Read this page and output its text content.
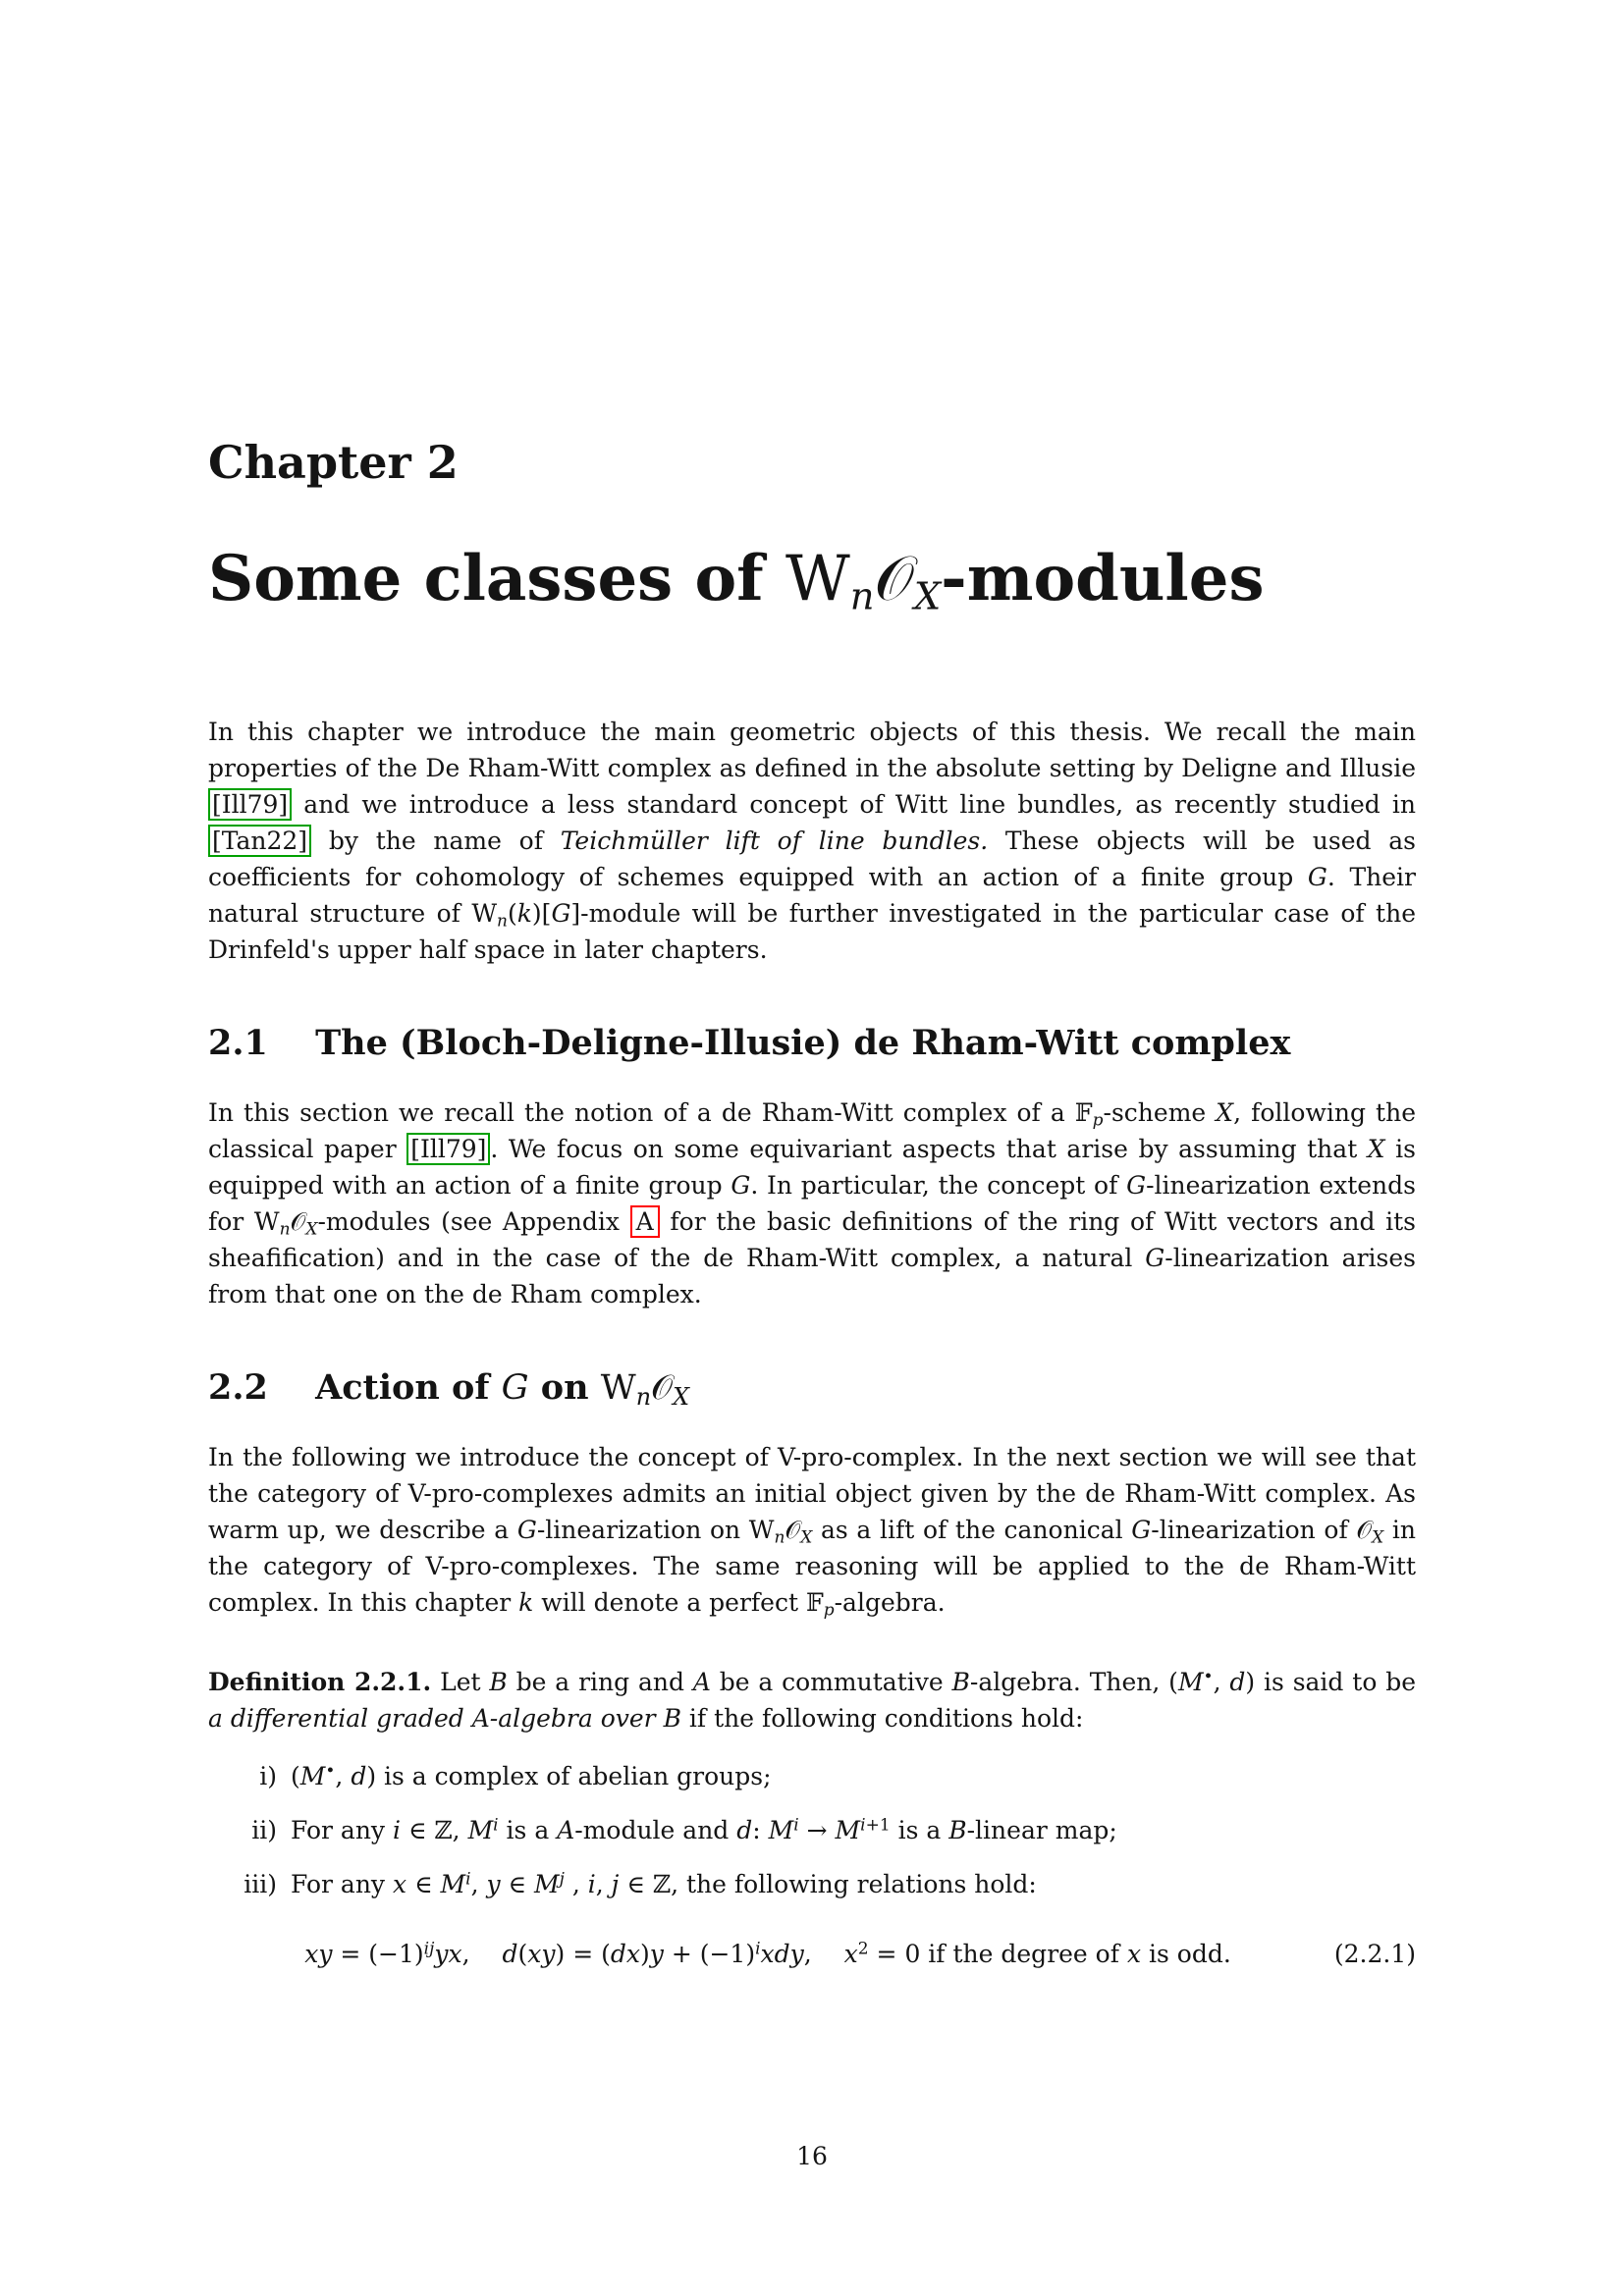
Chapter 2
Some classes of $W_n𝒪_X$-modules

In this chapter we introduce the main geometric objects of this thesis. We recall the main properties of the De Rham-Witt complex as defined in the absolute setting by Deligne and Illusie [Ill79] and we introduce a less standard concept of Witt line bundles, as recently studied in [Tan22] by the name of Teichmüller lift of line bundles. These objects will be used as coefficients for cohomology of schemes equipped with an action of a finite group G. Their natural structure of $W_n(k)[G]$-module will be further investigated in the particular case of the Drinfeld's upper half space in later chapters.

2.1 The (Bloch-Deligne-Illusie) de Rham-Witt complex

In this section we recall the notion of a de Rham-Witt complex of a 𝔽$_p$-scheme X, following the classical paper [Ill79] . We focus on some equivariant aspects that arise by assuming that X is equipped with an action of a finite group G. In particular, the concept of G-linearization extends for $W_n𝒪_X$-modules (see Appendix A for the basic definitions of the ring of Witt vectors and its sheafification) and in the case of the de Rham-Witt complex, a natural G-linearization arises from that one on the de Rham complex.

2.2 Action of G on $W_n𝒪_X$

In the following we introduce the concept of V-pro-complex. In the next section we will see that the category of V-pro-complexes admits an initial object given by the de Rham-Witt complex. As warm up, we describe a G-linearization on $W_n𝒪_X$ as a lift of the canonical G-linearization of 𝒪$_X$ in the category of V-pro-complexes. The same reasoning will be applied to the de Rham-Witt complex. In this chapter k will denote a perfect 𝔽$_p$-algebra.

Definition 2.2.1. Let B be a ring and A be a commutative B-algebra. Then, (M•, d) is said to be a differential graded A-algebra over B if the following conditions hold:

i) (M•, d) is a complex of abelian groups;
ii) For any i ∈ ℤ, $M^i$ is a A-module and d: $M^i \to M^{i+1}$ is a B-linear map;
iii) For any x ∈ $M^i$, y ∈ $M^j$ , i, j ∈ ℤ, the following relations hold:
xy = $(-1)^{ij}yx$,  $d(xy) = (dx)y + (-1)^ixdy$,  $x^2 = 0$ if the degree of x is odd.	(2.2.1)
16
